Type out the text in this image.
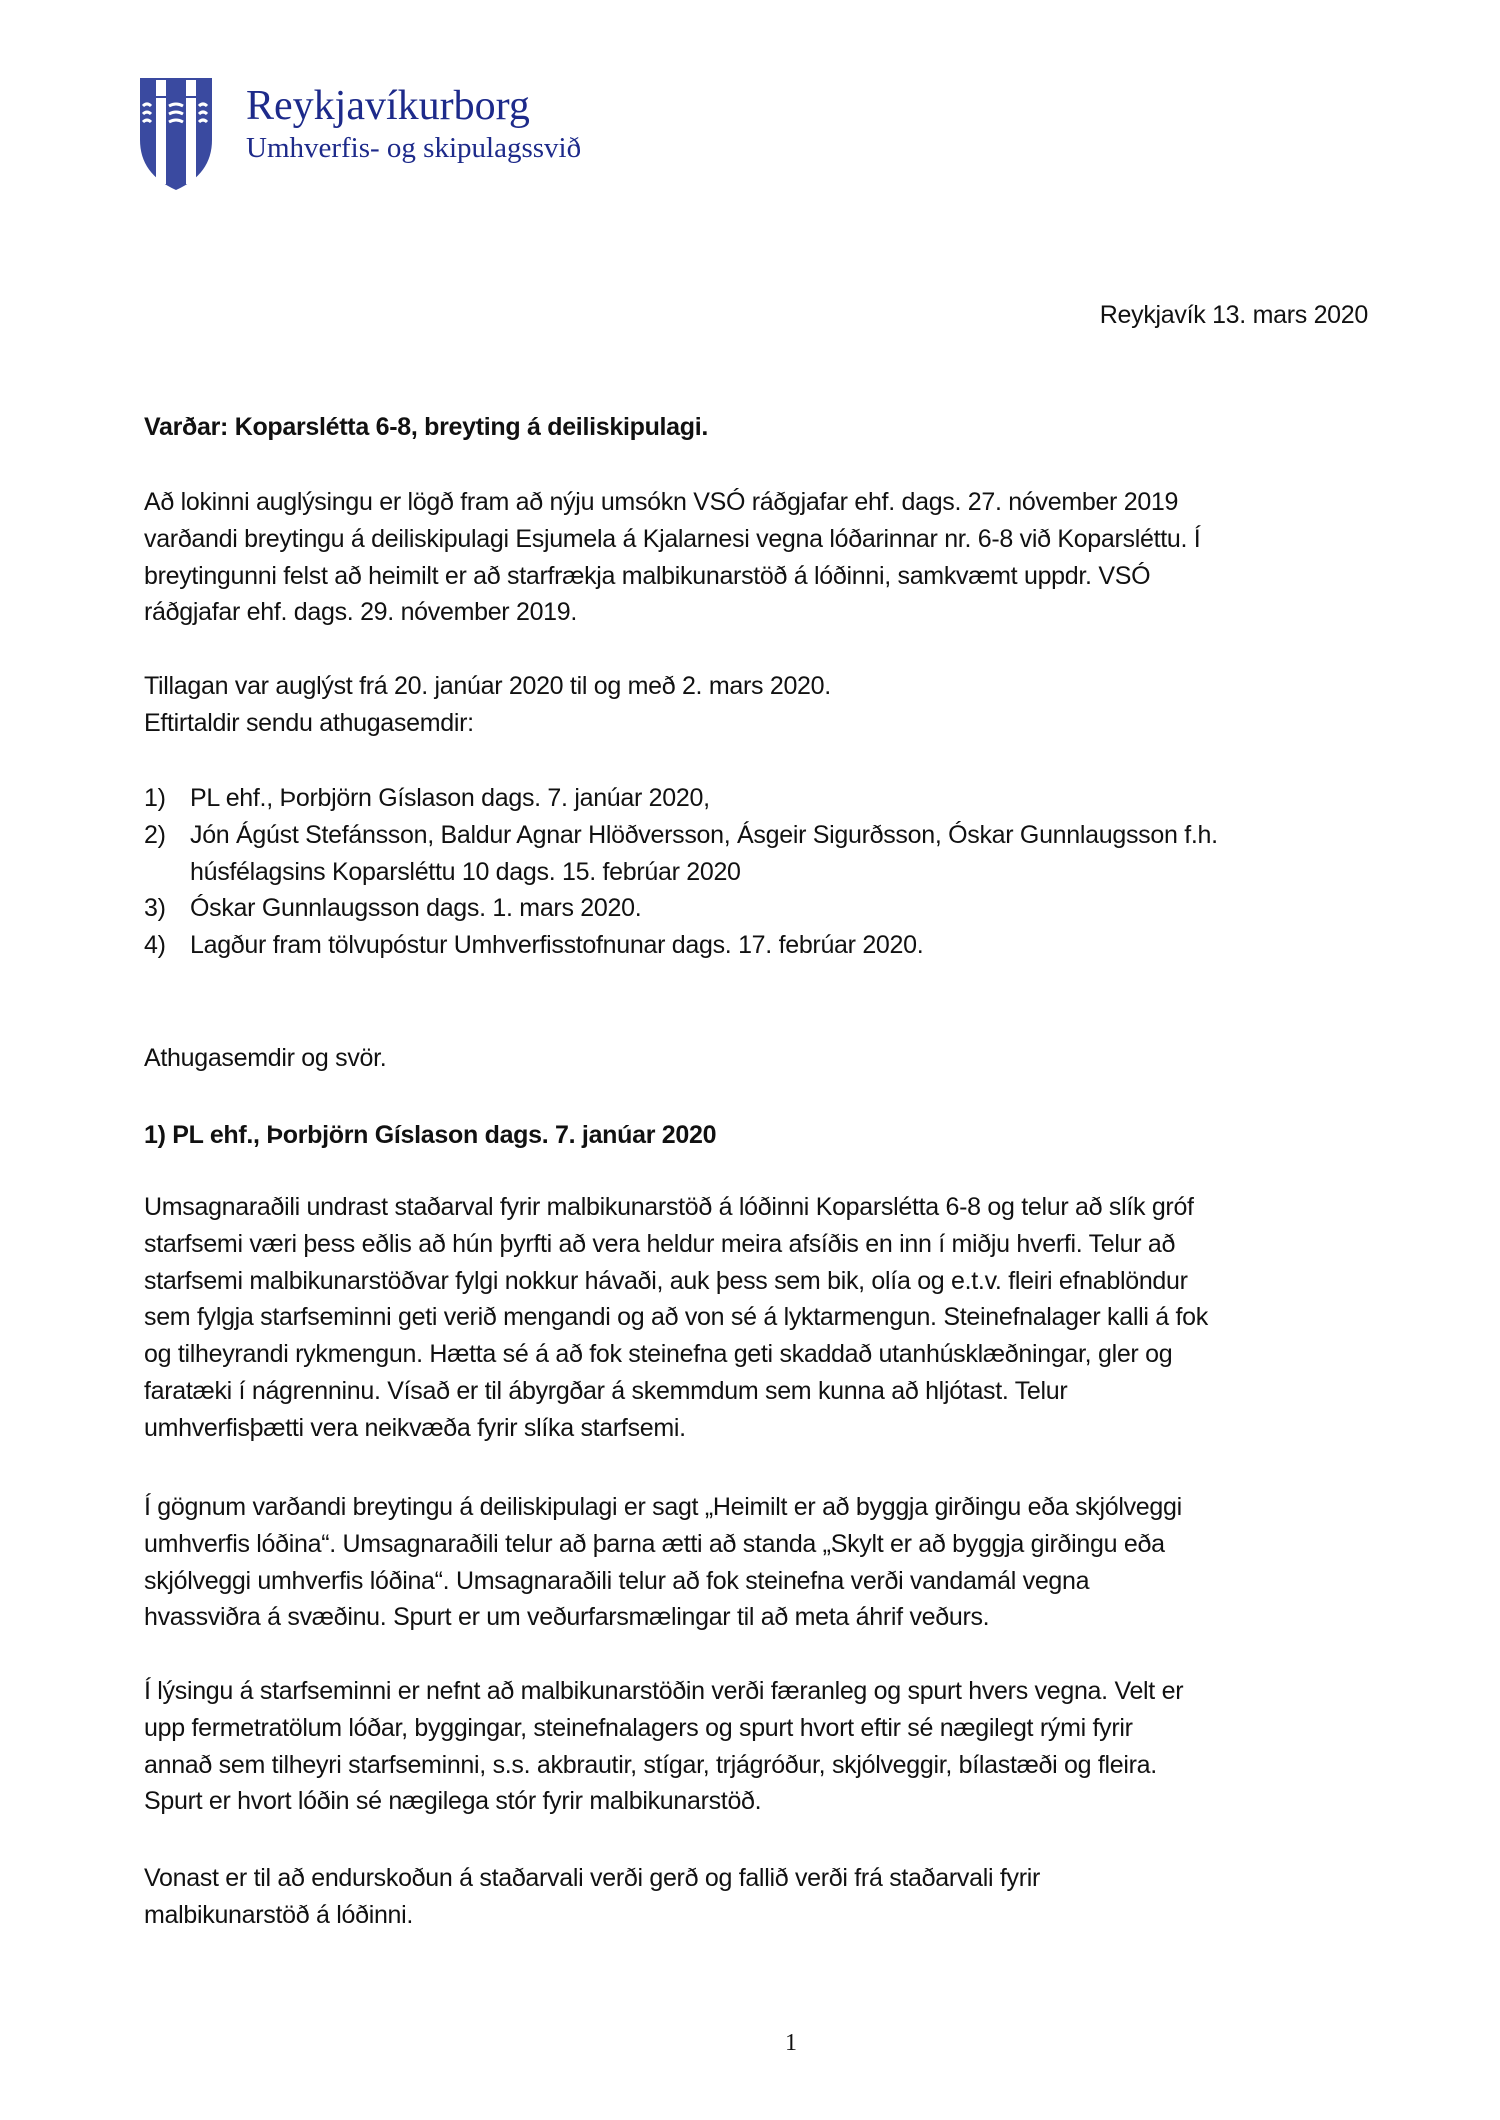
Reykjavíkurborg
Umhverfis- og skipulagssvið
Reykjavík 13. mars 2020
Varðar: Koparslétta 6-8, breyting á deiliskipulagi.
Að lokinni auglýsingu er lögð fram að nýju umsókn VSÓ ráðgjafar ehf. dags. 27. nóvember 2019
varðandi breytingu á deiliskipulagi Esjumela á Kjalarnesi vegna lóðarinnar nr. 6-8 við Koparsléttu. Í
breytingunni felst að heimilt er að starfrækja malbikunarstöð á lóðinni, samkvæmt uppdr. VSÓ
ráðgjafar ehf. dags. 29. nóvember 2019.
Tillagan var auglýst frá 20. janúar 2020 til og með 2. mars 2020.
Eftirtaldir sendu athugasemdir:
1) PL ehf., Þorbjörn Gíslason dags. 7. janúar 2020,
2) Jón Ágúst Stefánsson, Baldur Agnar Hlöðversson, Ásgeir Sigurðsson, Óskar Gunnlaugsson f.h.
húsfélagsins Koparsléttu 10 dags. 15. febrúar 2020
3) Óskar Gunnlaugsson dags. 1. mars 2020.
4) Lagður fram tölvupóstur Umhverfisstofnunar dags. 17. febrúar 2020.
Athugasemdir og svör.
1) PL ehf., Þorbjörn Gíslason dags. 7. janúar 2020
Umsagnaraðili undrast staðarval fyrir malbikunarstöð á lóðinni Koparslétta 6-8 og telur að slík gróf
starfsemi væri þess eðlis að hún þyrfti að vera heldur meira afsíðis en inn í miðju hverfi. Telur að
starfsemi malbikunarstöðvar fylgi nokkur hávaði, auk þess sem bik, olía og e.t.v. fleiri efnablöndur
sem fylgja starfseminni geti verið mengandi og að von sé á lyktarmengun. Steinefnalager kalli á fok
og tilheyrandi rykmengun. Hætta sé á að fok steinefna geti skaddað utanhúsklæðningar, gler og
faratæki í nágrenninu. Vísað er til ábyrgðar á skemmdum sem kunna að hljótast. Telur
umhverfisþætti vera neikvæða fyrir slíka starfsemi.
Í gögnum varðandi breytingu á deiliskipulagi er sagt „Heimilt er að byggja girðingu eða skjólveggi
umhverfis lóðina“. Umsagnaraðili telur að þarna ætti að standa „Skylt er að byggja girðingu eða
skjólveggi umhverfis lóðina“. Umsagnaraðili telur að fok steinefna verði vandamál vegna
hvassviðra á svæðinu. Spurt er um veðurfarsmælingar til að meta áhrif veðurs.
Í lýsingu á starfseminni er nefnt að malbikunarstöðin verði færanleg og spurt hvers vegna. Velt er
upp fermetratölum lóðar, byggingar, steinefnalagers og spurt hvort eftir sé nægilegt rými fyrir
annað sem tilheyri starfseminni, s.s. akbrautir, stígar, trjágróður, skjólveggir, bílastæði og fleira.
Spurt er hvort lóðin sé nægilega stór fyrir malbikunarstöð.
Vonast er til að endurskoðun á staðarvali verði gerð og fallið verði frá staðarvali fyrir
malbikunarstöð á lóðinni.
1
